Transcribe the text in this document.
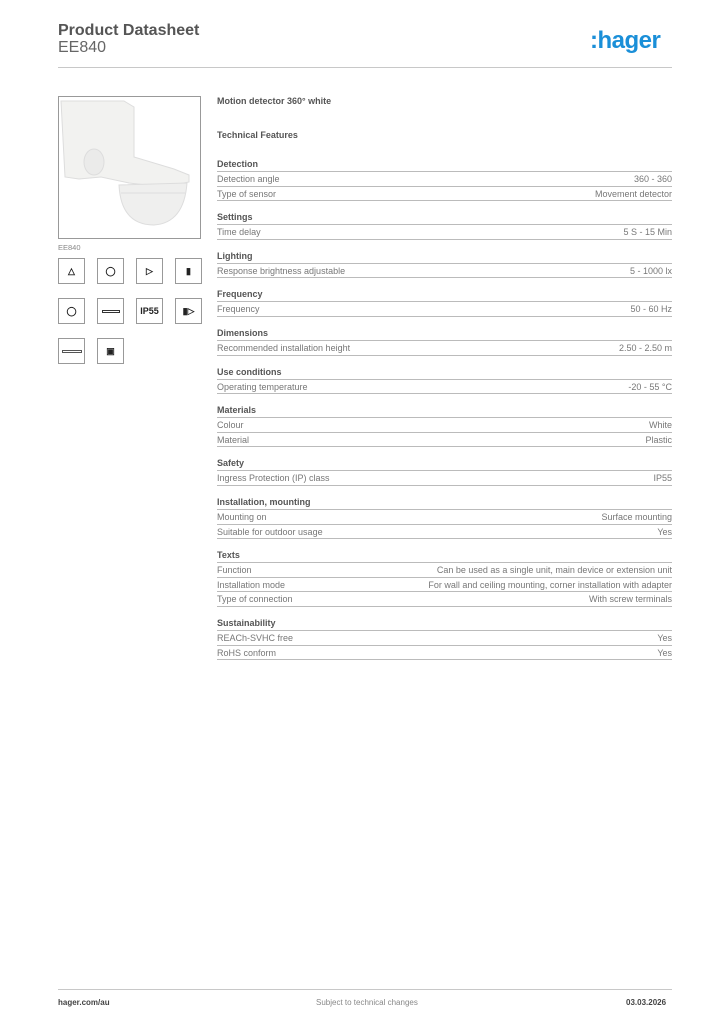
Product Datasheet
EE840	:hager
EE840
△	◯	▷	▮
◯	IP55	▮▷
▣
Motion detector 360° white
Technical Features
Detection
Detection angle	360 - 360
Type of sensor	Movement detector
Settings
Time delay	5 S - 15 Min
Lighting
Response brightness adjustable	5 - 1000 lx
Frequency
Frequency	50 - 60 Hz
Dimensions
Recommended installation height	2.50 - 2.50 m
Use conditions
Operating temperature	-20 - 55 °C
Materials
Colour	White
Material	Plastic
Safety
Ingress Protection (IP) class	IP55
Installation, mounting
Mounting on	Surface mounting
Suitable for outdoor usage	Yes
Texts
Function	Can be used as a single unit, main device or extension unit
Installation mode	For wall and ceiling mounting, corner installation with adapter
Type of connection	With screw terminals
Sustainability
REACh-SVHC free	Yes
RoHS conform	Yes
hager.com/au	Subject to technical changes	03.03.2026
